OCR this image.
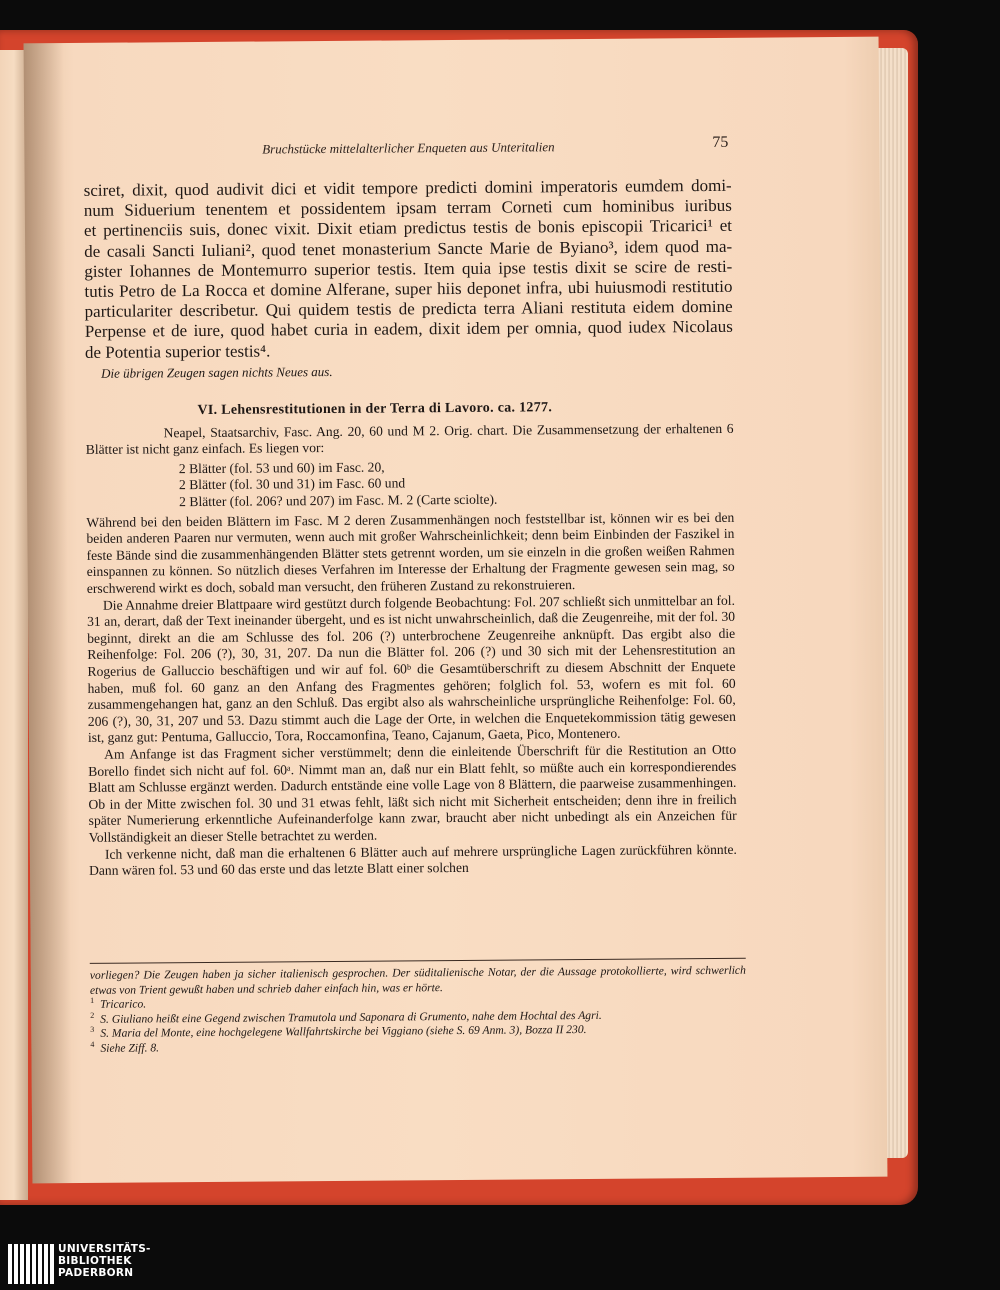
Bruchstücke mittelalterlicher Enqueten aus Unteritalien	75
sciret, dixit, quod audivit dici et vidit tempore predicti domini imperatoris eumdem domi-
num Siduerium tenentem et possidentem ipsam terram Corneti cum hominibus iuribus
et pertinenciis suis, donec vixit. Dixit etiam predictus testis de bonis episcopii Tricarici¹ et
de casali Sancti Iuliani², quod tenet monasterium Sancte Marie de Byiano³, idem quod ma-
gister Iohannes de Montemurro superior testis. Item quia ipse testis dixit se scire de resti-
tutis Petro de La Rocca et domine Alferane, super hiis deponet infra, ubi huiusmodi restitutio
particulariter describetur. Qui quidem testis de predicta terra Aliani restituta eidem domine
Perpense et de iure, quod habet curia in eadem, dixit idem per omnia, quod iudex Nicolaus
de Potentia superior testis⁴.
Die übrigen Zeugen sagen nichts Neues aus.
VI. Lehensrestitutionen in der Terra di Lavoro. ca. 1277.

Neapel, Staatsarchiv, Fasc. Ang. 20, 60 und M 2. Orig. chart. Die Zusammensetzung der erhaltenen 6 Blätter ist nicht ganz einfach. Es liegen vor:

2 Blätter (fol. 53 und 60) im Fasc. 20,
2 Blätter (fol. 30 und 31) im Fasc. 60 und
2 Blätter (fol. 206? und 207) im Fasc. M. 2 (Carte sciolte).

Während bei den beiden Blättern im Fasc. M 2 deren Zusammenhängen noch feststellbar ist, können wir es bei den beiden anderen Paaren nur vermuten, wenn auch mit großer Wahrscheinlichkeit; denn beim Einbinden der Faszikel in feste Bände sind die zusammenhängenden Blätter stets getrennt worden, um sie einzeln in die großen weißen Rahmen einspannen zu können. So nützlich dieses Verfahren im Interesse der Erhaltung der Fragmente gewesen sein mag, so erschwerend wirkt es doch, sobald man versucht, den früheren Zustand zu rekonstruieren.

Die Annahme dreier Blattpaare wird gestützt durch folgende Beobachtung: Fol. 207 schließt sich unmittelbar an fol. 31 an, derart, daß der Text ineinander übergeht, und es ist nicht unwahrscheinlich, daß die Zeugenreihe, mit der fol. 30 beginnt, direkt an die am Schlusse des fol. 206 (?) unterbrochene Zeugenreihe anknüpft. Das ergibt also die Reihenfolge: Fol. 206 (?), 30, 31, 207. Da nun die Blätter fol. 206 (?) und 30 sich mit der Lehensrestitution an Rogerius de Galluccio beschäftigen und wir auf fol. 60ᵇ die Gesamtüberschrift zu diesem Abschnitt der Enquete haben, muß fol. 60 ganz an den Anfang des Fragmentes gehören; folglich fol. 53, wofern es mit fol. 60 zusammengehangen hat, ganz an den Schluß. Das ergibt also als wahrscheinliche ursprüngliche Reihenfolge: Fol. 60, 206 (?), 30, 31, 207 und 53. Dazu stimmt auch die Lage der Orte, in welchen die Enquetekommission tätig gewesen ist, ganz gut: Pentuma, Galluccio, Tora, Roccamonfina, Teano, Cajanum, Gaeta, Pico, Montenero.

Am Anfange ist das Fragment sicher verstümmelt; denn die einleitende Überschrift für die Restitution an Otto Borello findet sich nicht auf fol. 60ᵃ. Nimmt man an, daß nur ein Blatt fehlt, so müßte auch ein korrespondierendes Blatt am Schlusse ergänzt werden. Dadurch entstände eine volle Lage von 8 Blättern, die paarweise zusammenhingen. Ob in der Mitte zwischen fol. 30 und 31 etwas fehlt, läßt sich nicht mit Sicherheit entscheiden; denn ihre in freilich später Numerierung erkenntliche Aufeinanderfolge kann zwar, braucht aber nicht unbedingt als ein Anzeichen für Vollständigkeit an dieser Stelle betrachtet zu werden.

Ich verkenne nicht, daß man die erhaltenen 6 Blätter auch auf mehrere ursprüngliche Lagen zurückführen könnte. Dann wären fol. 53 und 60 das erste und das letzte Blatt einer solchen

vorliegen? Die Zeugen haben ja sicher italienisch gesprochen. Der süditalienische Notar, der die Aussage protokollierte, wird schwerlich etwas von Trient gewußt haben und schrieb daher einfach hin, was er hörte.

$^1$ Tricarico.

$^2$ S. Giuliano heißt eine Gegend zwischen Tramutola und Saponara di Grumento, nahe dem Hochtal des Agri.

$^3$ S. Maria del Monte, eine hochgelegene Wallfahrtskirche bei Viggiano (siehe S. 69 Anm. 3), Bozza II 230.

$^4$ Siehe Ziff. 8.

UNIVERSITÄTS-
BIBLIOTHEK
PADERBORN
